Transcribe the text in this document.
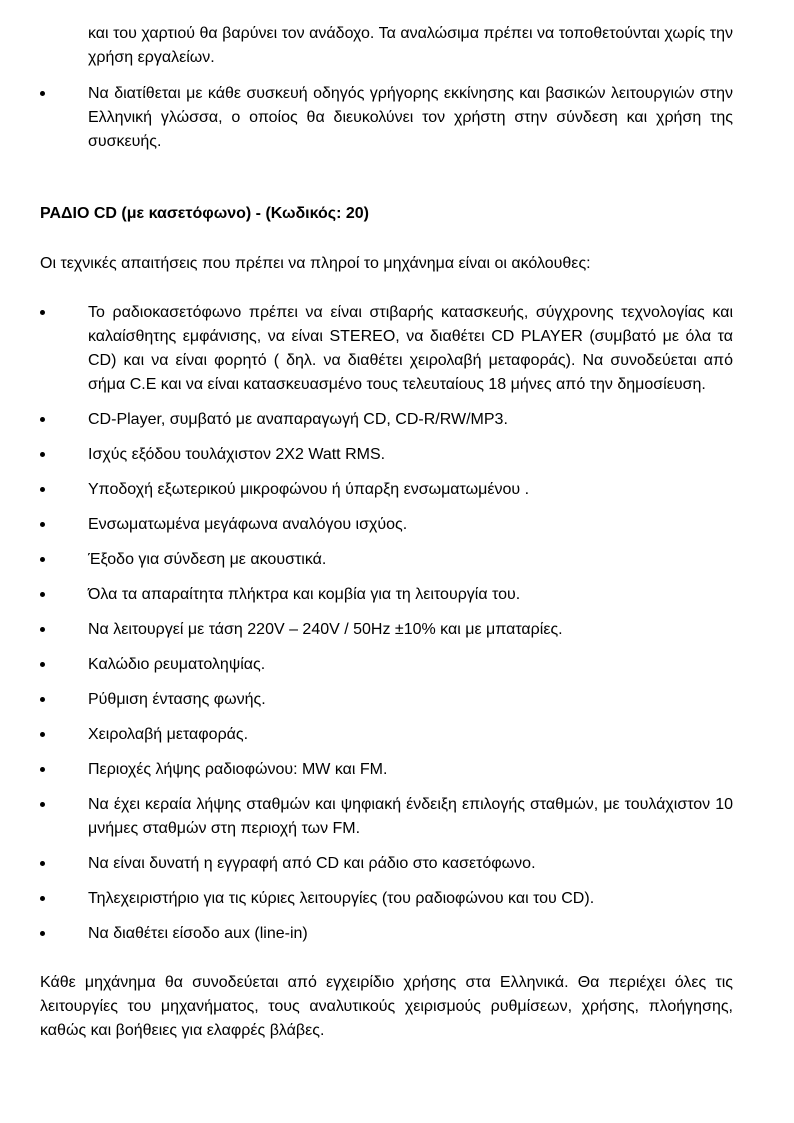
και του χαρτιού θα βαρύνει τον ανάδοχο. Τα αναλώσιμα πρέπει να τοποθετούνται χωρίς την χρήση εργαλείων.
Να διατίθεται με κάθε συσκευή οδηγός γρήγορης εκκίνησης και βασικών λειτουργιών στην Ελληνική γλώσσα, ο οποίος θα διευκολύνει τον χρήστη στην σύνδεση και χρήση της συσκευής.
ΡΑΔΙΟ CD (με κασετόφωνο) - (Κωδικός: 20)
Οι τεχνικές απαιτήσεις που πρέπει να πληροί το μηχάνημα είναι οι ακόλουθες:
Το ραδιοκασετόφωνο πρέπει να είναι στιβαρής κατασκευής, σύγχρονης τεχνολογίας και καλαίσθητης εμφάνισης, να είναι STEREO, να διαθέτει CD PLAYER (συμβατό με όλα τα CD) και να είναι φορητό ( δηλ. να διαθέτει χειρολαβή μεταφοράς). Να συνοδεύεται από σήμα C.E και να είναι κατασκευασμένο τους τελευταίους 18 μήνες από την δημοσίευση.
CD-Player, συμβατό με αναπαραγωγή CD, CD-R/RW/MP3.
Ισχύς εξόδου τουλάχιστον 2X2 Watt RMS.
Υποδοχή εξωτερικού μικροφώνου ή ύπαρξη ενσωματωμένου .
Ενσωματωμένα μεγάφωνα αναλόγου ισχύος.
Έξοδο για σύνδεση με ακουστικά.
Όλα τα απαραίτητα πλήκτρα και κομβία για τη λειτουργία του.
Να λειτουργεί με τάση 220V – 240V / 50Hz ±10% και με μπαταρίες.
Καλώδιο ρευματοληψίας.
Ρύθμιση έντασης φωνής.
Χειρολαβή μεταφοράς.
Περιοχές λήψης ραδιοφώνου: MW και FM.
Να έχει κεραία λήψης σταθμών και ψηφιακή ένδειξη επιλογής σταθμών, με τουλάχιστον 10 μνήμες σταθμών στη περιοχή των FM.
Να είναι δυνατή η εγγραφή από CD και ράδιο στο κασετόφωνο.
Τηλεχειριστήριο για τις κύριες λειτουργίες (του ραδιοφώνου και του CD).
Να διαθέτει είσοδο aux (line-in)
Κάθε μηχάνημα θα συνοδεύεται από εγχειρίδιο χρήσης στα Ελληνικά. Θα περιέχει όλες τις λειτουργίες του μηχανήματος, τους αναλυτικούς χειρισμούς ρυθμίσεων, χρήσης, πλοήγησης, καθώς και βοήθειες για ελαφρές βλάβες.
